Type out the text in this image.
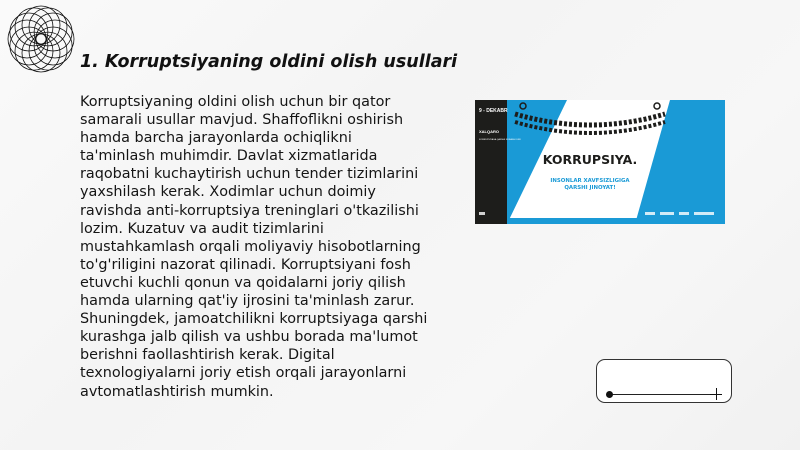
1. Korruptsiyaning oldini olish usullari

Korruptsiyaning oldini olish uchun bir qator samarali usullar mavjud. Shaffoflikni oshirish hamda barcha jarayonlarda ochiqlikni ta'minlash muhimdir. Davlat xizmatlarida raqobatni kuchaytirish uchun tender tizimlarini yaxshilash kerak. Xodimlar uchun doimiy ravishda anti-korruptsiya treninglari o'tkazilishi lozim. Kuzatuv va audit tizimlarini mustahkamlash orqali moliyaviy hisobotlarning to'g'riligini nazorat qilinadi. Korruptsiyani fosh etuvchi kuchli qonun va qoidalarni joriy qilish hamda ularning qat'iy ijrosini ta'minlash zarur. Shuningdek, jamoatchilikni korruptsiyaga qarshi kurashga jalb qilish va ushbu borada ma'lumot berishni faollashtirish kerak. Digital texnologiyalarni joriy etish orqali jarayonlarni avtomatlashtirish mumkin.

9 - DEKABR
XALQARO
KORRUPSIYAGA QARSHI KURASH KUNI
KORRUPSIYA.
INSONLAR XAVFSIZLIGIGA
QARSHI JINOYAT!
